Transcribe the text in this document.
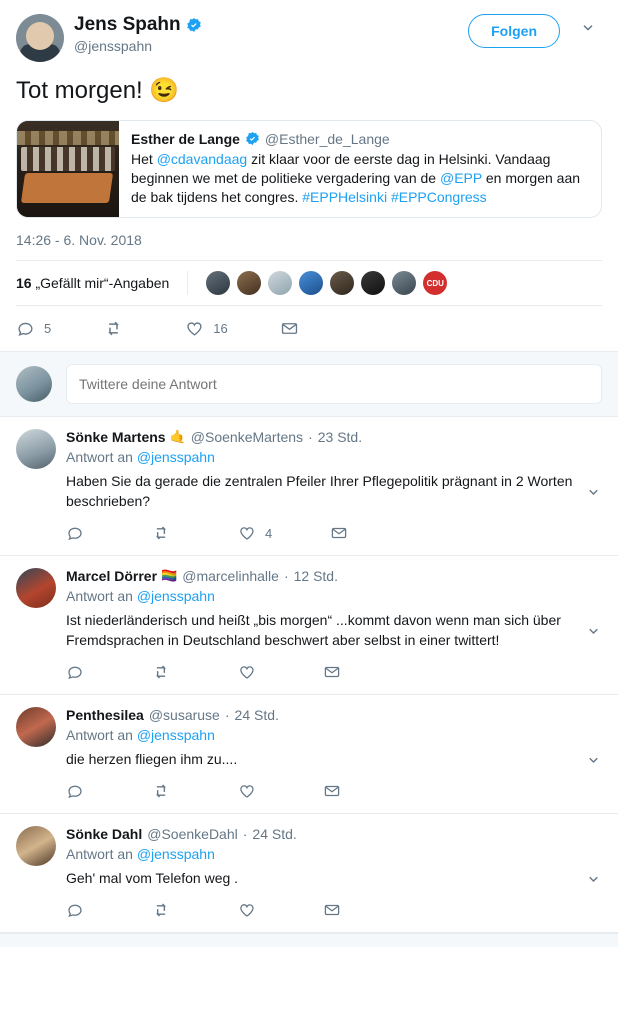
Jens Spahn
@jensspahn
Folgen
Tot morgen! 😉
Esther de Lange @Esther_de_Lange
Het @cdavandaag zit klaar voor de eerste dag in Helsinki. Vandaag beginnen we met de politieke vergadering van de @EPP en morgen aan de bak tijdens het congres. #EPPHelsinki #EPPCongress
14:26 - 6. Nov. 2018
16 „Gefällt mir“-Angaben	CDU
5	16
Twittere deine Antwort
Sönke Martens 🤙 @SoenkeMartens · 23 Std.
Antwort an @jensspahn
Haben Sie da gerade die zentralen Pfeiler Ihrer Pflegepolitik prägnant in 2 Worten beschrieben?
4
Marcel Dörrer 🏳️‍🌈 @marcelinhalle · 12 Std.
Antwort an @jensspahn
Ist niederländerisch und heißt „bis morgen“ ...kommt davon wenn man sich über Fremdsprachen in Deutschland beschwert aber selbst in einer twittert!
Penthesilea @susaruse · 24 Std.
Antwort an @jensspahn
die herzen fliegen ihm zu....
Sönke Dahl @SoenkeDahl · 24 Std.
Antwort an @jensspahn
Geh' mal vom Telefon weg .
